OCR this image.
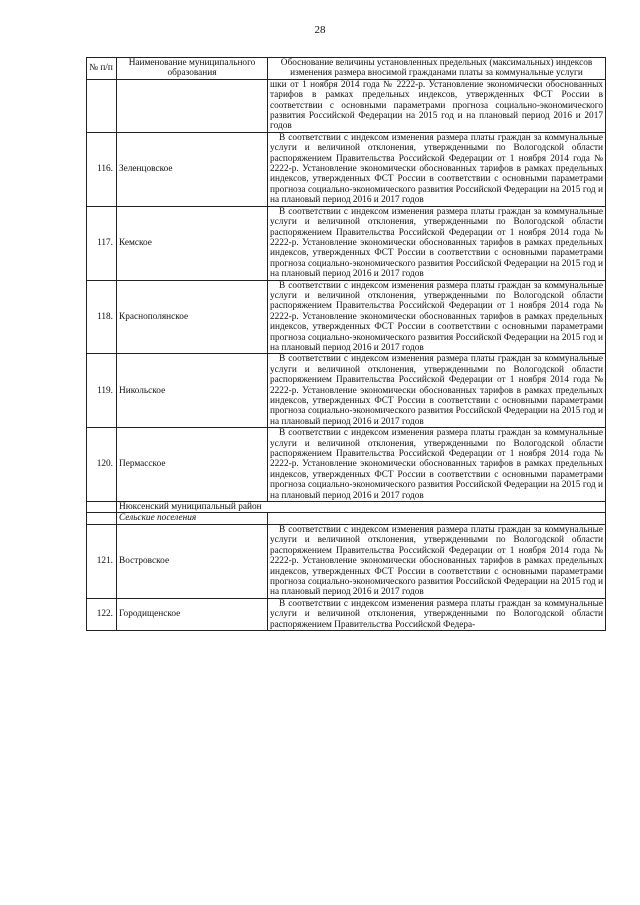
28
№ п/п	Наименование муниципального образования	Обоснование величины установленных предельных (максимальных) индексов изменения размера вносимой гражданами платы за коммунальные услуги
		шки от 1 ноября 2014 года № 2222-р. Установление экономически обоснованных тарифов в рамках предельных индексов, утвержденных ФСТ России в соответствии с основными параметрами прогноза социально-экономического развития Российской Федерации на 2015 год и на плановый период 2016 и 2017 годов
116.	Зеленцовское	В соответствии с индексом изменения размера платы граждан за коммунальные услуги и величиной отклонения, утвержденными по Вологодской области распоряжением Правительства Российской Федерации от 1 ноября 2014 года № 2222-р. Установление экономически обоснованных тарифов в рамках предельных индексов, утвержденных ФСТ России в соответствии с основными параметрами прогноза социально-экономического развития Российской Федерации на 2015 год и на плановый период 2016 и 2017 годов
117.	Кемское	В соответствии с индексом изменения размера платы граждан за коммунальные услуги и величиной отклонения, утвержденными по Вологодской области распоряжением Правительства Российской Федерации от 1 ноября 2014 года № 2222-р. Установление экономически обоснованных тарифов в рамках предельных индексов, утвержденных ФСТ России в соответствии с основными параметрами прогноза социально-экономического развития Российской Федерации на 2015 год и на плановый период 2016 и 2017 годов
118.	Краснополянское	В соответствии с индексом изменения размера платы граждан за коммунальные услуги и величиной отклонения, утвержденными по Вологодской области распоряжением Правительства Российской Федерации от 1 ноября 2014 года № 2222-р. Установление экономически обоснованных тарифов в рамках предельных индексов, утвержденных ФСТ России в соответствии с основными параметрами прогноза социально-экономического развития Российской Федерации на 2015 год и на плановый период 2016 и 2017 годов
119.	Никольское	В соответствии с индексом изменения размера платы граждан за коммунальные услуги и величиной отклонения, утвержденными по Вологодской области распоряжением Правительства Российской Федерации от 1 ноября 2014 года № 2222-р. Установление экономически обоснованных тарифов в рамках предельных индексов, утвержденных ФСТ России в соответствии с основными параметрами прогноза социально-экономического развития Российской Федерации на 2015 год и на плановый период 2016 и 2017 годов
120.	Пермасское	В соответствии с индексом изменения размера платы граждан за коммунальные услуги и величиной отклонения, утвержденными по Вологодской области распоряжением Правительства Российской Федерации от 1 ноября 2014 года № 2222-р. Установление экономически обоснованных тарифов в рамках предельных индексов, утвержденных ФСТ России в соответствии с основными параметрами прогноза социально-экономического развития Российской Федерации на 2015 год и на плановый период 2016 и 2017 годов
	Нюксенский муниципальный район	
	Сельские поселения	
121.	Востровское	В соответствии с индексом изменения размера платы граждан за коммунальные услуги и величиной отклонения, утвержденными по Вологодской области распоряжением Правительства Российской Федерации от 1 ноября 2014 года № 2222-р. Установление экономически обоснованных тарифов в рамках предельных индексов, утвержденных ФСТ России в соответствии с основными параметрами прогноза социально-экономического развития Российской Федерации на 2015 год и на плановый период 2016 и 2017 годов
122.	Городищенское	В соответствии с индексом изменения размера платы граждан за коммунальные услуги и величиной отклонения, утвержденными по Вологодской области распоряжением Правительства Российской Федера-
